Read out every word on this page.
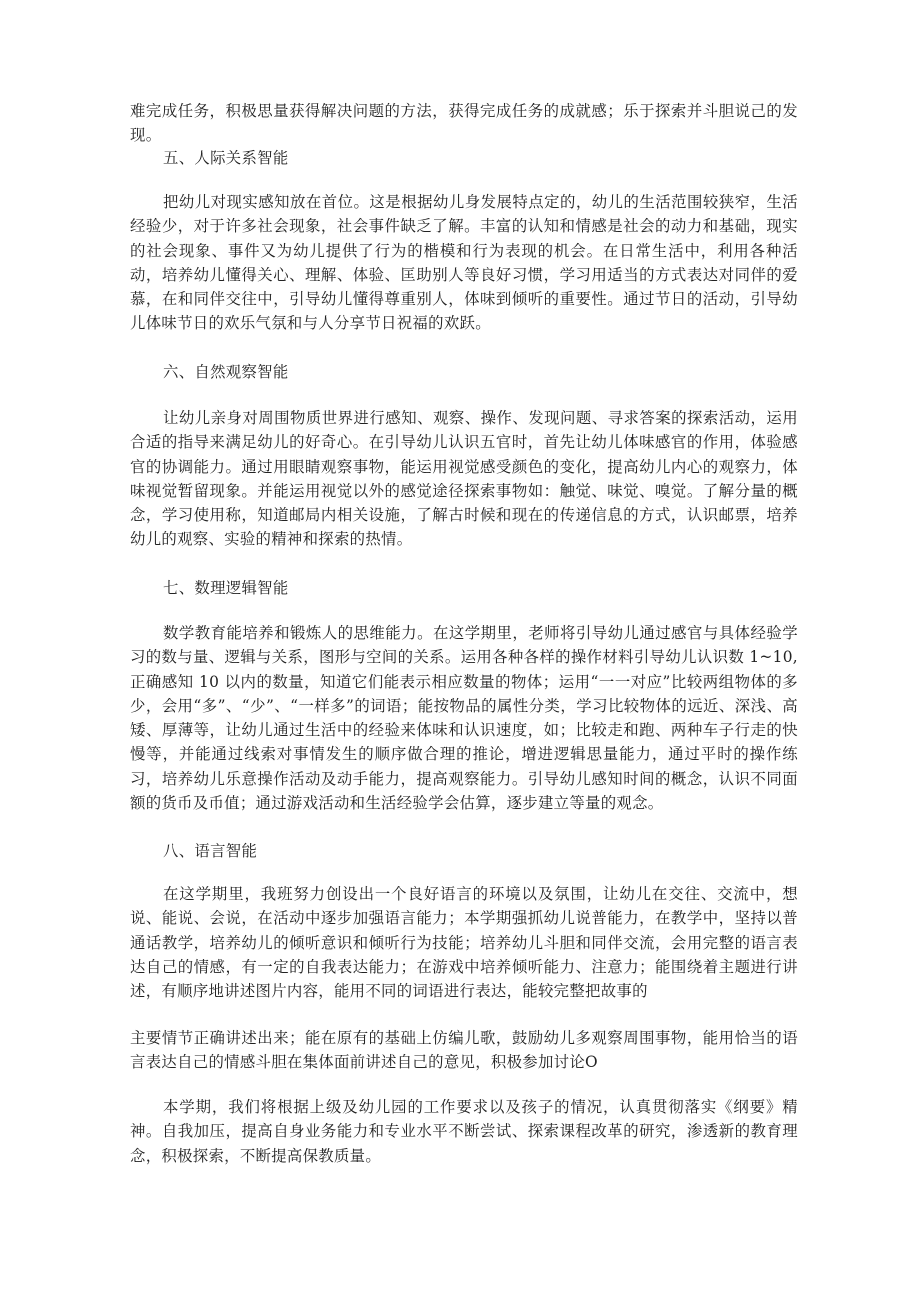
难完成任务，积极思量获得解决问题的方法，获得完成任务的成就感；乐于探索并斗胆说己的发现。

五、人际关系智能

把幼儿对现实感知放在首位。这是根据幼儿身发展特点定的，幼儿的生活范围较狭窄，生活经验少，对于许多社会现象，社会事件缺乏了解。丰富的认知和情感是社会的动力和基础，现实的社会现象、事件又为幼儿提供了行为的楷模和行为表现的机会。在日常生活中，利用各种活动，培养幼儿懂得关心、理解、体验、匡助别人等良好习惯，学习用适当的方式表达对同伴的爱慕，在和同伴交往中，引导幼儿懂得尊重别人，体味到倾听的重要性。通过节日的活动，引导幼儿体味节日的欢乐气氛和与人分享节日祝福的欢跃。

六、自然观察智能

让幼儿亲身对周围物质世界进行感知、观察、操作、发现问题、寻求答案的探索活动，运用合适的指导来满足幼儿的好奇心。在引导幼儿认识五官时，首先让幼儿体味感官的作用，体验感官的协调能力。通过用眼睛观察事物，能运用视觉感受颜色的变化，提高幼儿内心的观察力，体味视觉暂留现象。并能运用视觉以外的感觉途径探索事物如：触觉、味觉、嗅觉。了解分量的概念，学习使用称，知道邮局内相关设施，了解古时候和现在的传递信息的方式，认识邮票，培养幼儿的观察、实验的精神和探索的热情。

七、数理逻辑智能

数学教育能培养和锻炼人的思维能力。在这学期里，老师将引导幼儿通过感官与具体经验学习的数与量、逻辑与关系，图形与空间的关系。运用各种各样的操作材料引导幼儿认识数 1~10,正确感知 10 以内的数量，知道它们能表示相应数量的物体；运用“一一对应”比较两组物体的多少，会用“多”、“少”、“一样多”的词语；能按物品的属性分类，学习比较物体的远近、深浅、高矮、厚薄等，让幼儿通过生活中的经验来体味和认识速度，如；比较走和跑、两种车子行走的快慢等，并能通过线索对事情发生的顺序做合理的推论，增进逻辑思量能力，通过平时的操作练习，培养幼儿乐意操作活动及动手能力，提高观察能力。引导幼儿感知时间的概念，认识不同面额的货币及币值；通过游戏活动和生活经验学会估算，逐步建立等量的观念。

八、语言智能

在这学期里，我班努力创设出一个良好语言的环境以及氛围，让幼儿在交往、交流中，想说、能说、会说，在活动中逐步加强语言能力；本学期强抓幼儿说普能力，在教学中，坚持以普通话教学，培养幼儿的倾听意识和倾听行为技能；培养幼儿斗胆和同伴交流，会用完整的语言表达自己的情感，有一定的自我表达能力；在游戏中培养倾听能力、注意力；能围绕着主题进行讲述，有顺序地讲述图片内容，能用不同的词语进行表达，能较完整把故事的

主要情节正确讲述出来；能在原有的基础上仿编儿歌，鼓励幼儿多观察周围事物，能用恰当的语言表达自己的情感斗胆在集体面前讲述自己的意见，积极参加讨论O

本学期，我们将根据上级及幼儿园的工作要求以及孩子的情况，认真贯彻落实《纲要》精神。自我加压，提高自身业务能力和专业水平不断尝试、探索课程改革的研究，渗透新的教育理念，积极探索，不断提高保教质量。
